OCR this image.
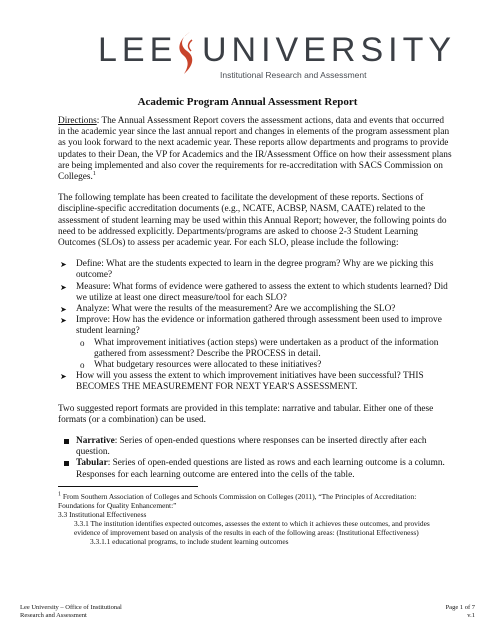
LEE UNIVERSITY
Institutional Research and Assessment
Academic Program Annual Assessment Report

Directions: The Annual Assessment Report covers the assessment actions, data and events that occurred in the academic year since the last annual report and changes in elements of the program assessment plan as you look forward to the next academic year. These reports allow departments and programs to provide updates to their Dean, the VP for Academics and the IR/Assessment Office on how their assessment plans are being implemented and also cover the requirements for re-accreditation with SACS Commission on Colleges.$^1$

The following template has been created to facilitate the development of these reports. Sections of discipline-specific accreditation documents (e.g., NCATE, ACBSP, NASM, CAATE) related to the assessment of student learning may be used within this Annual Report; however, the following points do need to be addressed explicitly. Departments/programs are asked to choose 2-3 Student Learning Outcomes (SLOs) to assess per academic year. For each SLO, please include the following:

➤ Define: What are the students expected to learn in the degree program? Why are we picking this outcome?
➤ Measure: What forms of evidence were gathered to assess the extent to which students learned? Did we utilize at least one direct measure/tool for each SLO?
➤ Analyze: What were the results of the measurement? Are we accomplishing the SLO?
➤ Improve: How has the evidence or information gathered through assessment been used to improve student learning?
o What improvement initiatives (action steps) were undertaken as a product of the information gathered from assessment? Describe the PROCESS in detail.
o What budgetary resources were allocated to these initiatives?
➤ How will you assess the extent to which improvement initiatives have been successful? THIS BECOMES THE MEASUREMENT FOR NEXT YEAR'S ASSESSMENT.

Two suggested report formats are provided in this template: narrative and tabular. Either one of these formats (or a combination) can be used.

Narrative: Series of open-ended questions where responses can be inserted directly after each question.
Tabular: Series of open-ended questions are listed as rows and each learning outcome is a column. Responses for each learning outcome are entered into the cells of the table.
$^1$ From Southern Association of Colleges and Schools Commission on Colleges (2011), “The Principles of Accreditation: Foundations for Quality Enhancement:”
3.3 Institutional Effectiveness
3.3.1 The institution identifies expected outcomes, assesses the extent to which it achieves these outcomes, and provides evidence of improvement based on analysis of the results in each of the following areas: (Institutional Effectiveness)
3.3.1.1 educational programs, to include student learning outcomes
Lee University – Office of Institutional Research and Assessment
Page 1 of 7
v.1
